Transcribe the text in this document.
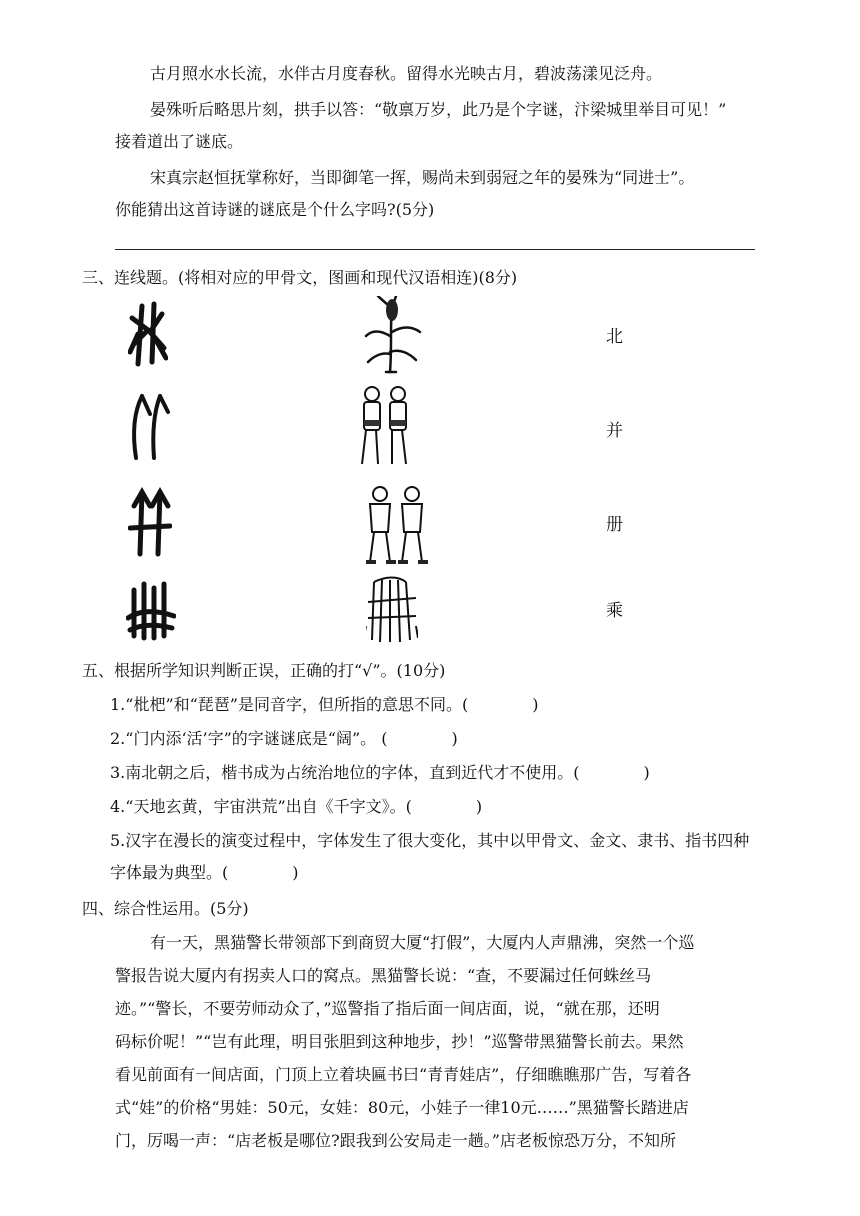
古月照水水长流，水伴古月度春秋。留得水光映古月，碧波荡漾见泛舟。
晏殊听后略思片刻，拱手以答：“敬禀万岁，此乃是个字谜，汴梁城里举目可见！”
接着道出了谜底。
宋真宗赵恒抚掌称好，当即御笔一挥，赐尚未到弱冠之年的晏殊为“同进士”。
你能猜出这首诗谜的谜底是个什么字吗?(5分)
三、连线题。(将相对应的甲骨文，图画和现代汉语相连)(8分)
北
并
册
乘
五、根据所学知识判断正误，正确的打“√”。(10分)
1.“枇杷”和“琵琶”是同音字，但所指的意思不同。(　　　　)
2.“门内添‘活’字”的字谜谜底是“阔”。 (　　　　)
3.南北朝之后，楷书成为占统治地位的字体，直到近代才不使用。(　　　　)
4.“天地玄黄，宇宙洪荒”出自《千字文》。(　　　　)
5.汉字在漫长的演变过程中，字体发生了很大变化，其中以甲骨文、金文、隶书、指书四种
字体最为典型。(　　　　)
四、综合性运用。(5分)
有一天，黑猫警长带领部下到商贸大厦“打假”，大厦内人声鼎沸，突然一个巡
警报告说大厦内有拐卖人口的窝点。黑猫警长说：“查，不要漏过任何蛛丝马
迹。”“警长，不要劳师动众了，”巡警指了指后面一间店面，说，“就在那，还明
码标价呢！”“岂有此理，明目张胆到这种地步，抄！”巡警带黑猫警长前去。果然
看见前面有一间店面，门顶上立着块匾书曰“青青娃店”，仔细瞧瞧那广告，写着各
式“娃”的价格“男娃：50元，女娃：80元，小娃子一律10元……”黑猫警长踏进店
门，厉喝一声：“店老板是哪位?跟我到公安局走一趟。”店老板惊恐万分，不知所
